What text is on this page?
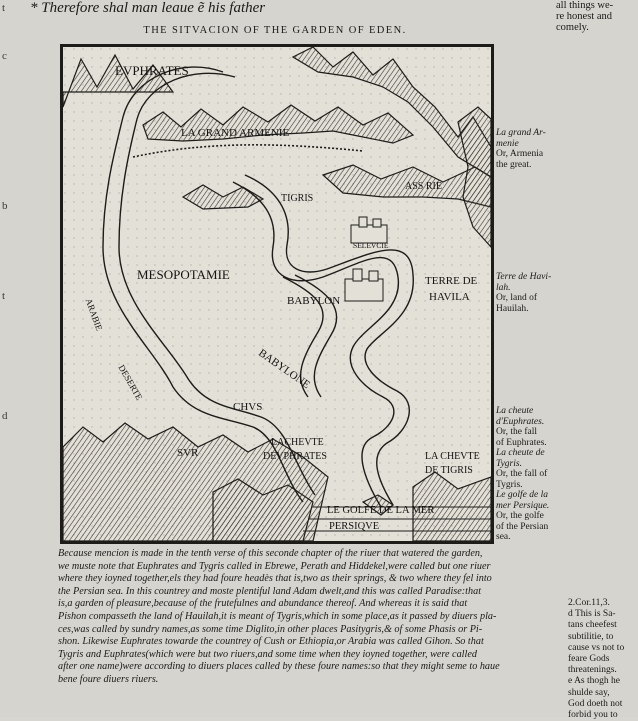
* Therefore shal man leaue ẽ his father	all things we-
re honest and
comely.
t
c
b
t
d
THE SITVACION OF THE GARDEN OF EDEN.
EVPHRATES
LA GRAND ARMENIE
ASS RIE
TIGRIS
SELEVCIE
MESOPOTAMIE
BABYLON
TERRE DE
HAVILA
BABYLONE
ARABIE
DESERTE
CHVS
SVR
LACHEVTE
DEVPHRATES	LA CHEVTE
DE TIGRIS
LE GOLFE DE LA MER
PERSIQVE
La grand Ar-
menie
Or, Armenia
the great.
Terre de Havi-
lah.
Or, land of
Hauilah.
La cheute
d'Euphrates.
Or, the fall
of Euphrates.
La cheute de
Tygris.
Or, the fall of
Tygris.
Le golfe de la
mer Persique.
Or, the golfe
of the Persian
sea.

Because mencion is made in the tenth verse of this seconde chapter of the riuer that watered the garden,

we muste note that Euphrates and Tygris called in Ebrewe, Perath and Hiddekel,were called but one riuer

where they ioyned together,els they had foure headès that is,two as their springs, & two where they fel into

the Persian sea. In this countrey and moste plentiful land Adam dwelt,and this was called Paradise:that

is,a garden of pleasure,because of the frutefulnes and abundance thereof. And whereas it is said that

Pishon compasseth the land of Hauilah,it is meant of Tygris,which in some place,as it passed by diuers pla-

ces,was called by sundry names,as some time Diglito,in other places Pasitygris,& of some Phasis or Pi-

shon. Likewise Euphrates towarde the countrey of Cush or Ethiopia,or Arabia was called Gihon. So that

Tygris and Euphrates(which were but two riuers,and some time when they ioyned together, were called

after one name)were according to diuers places called by these foure names:so that they might seme to haue

bene foure diuers riuers.

2.Cor.11,3.
d This is Sa-
tans cheefest
subtilitie, to
cause vs not to
feare Gods
threatenings.
e As thogh he
shulde say,
God doeth not
forbid you to
